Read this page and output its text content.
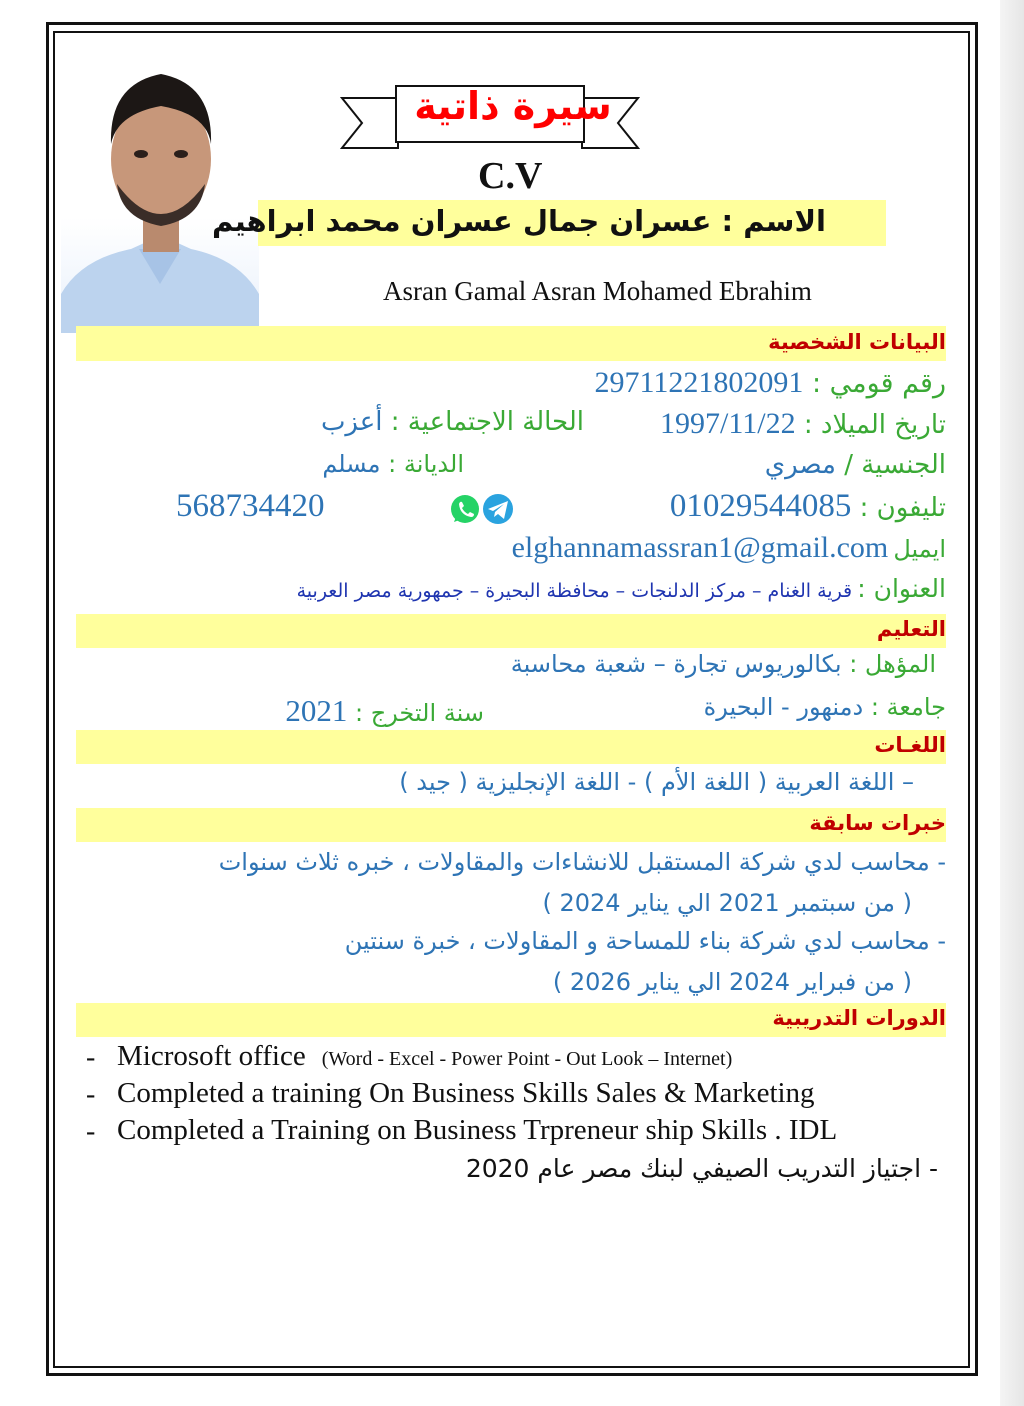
سيرة ذاتية
C.V
الاسم : عسران جمال عسران محمد ابراهيم
Asran Gamal Asran Mohamed Ebrahim
البيانات الشخصية
رقم قومي : 29711221802091
تاريخ الميلاد : 1997/11/22
الحالة الاجتماعية : أعزب
الجنسية / مصري
الديانة : مسلم
تليفون : 01029544085
568734420
ايميل elghannamassran1@gmail.com
العنوان : قرية الغنام – مركز الدلنجات – محافظة البحيرة – جمهورية مصر العربية
التعليم
المؤهل : بكالوريوس تجارة – شعبة محاسبة
جامعة : دمنهور - البحيرة
سنة التخرج : 2021
اللغـات
– اللغة العربية ( اللغة الأم ) - اللغة الإنجليزية ( جيد )
خبرات سابقة
- محاسب لدي شركة المستقبل للانشاءات والمقاولات ، خبره ثلاث سنوات
( من سبتمبر 2021 الي يناير 2024 )
- محاسب لدي شركة بناء للمساحة و المقاولات ، خبرة سنتين
( من فبراير 2024 الي يناير 2026 )
الدورات التدريبية
- Microsoft office (Word - Excel - Power Point - Out Look – Internet)
- Completed a training On Business Skills Sales & Marketing
- Completed a Training on Business Trpreneur ship Skills . IDL
- اجتياز التدريب الصيفي لبنك مصر عام 2020
